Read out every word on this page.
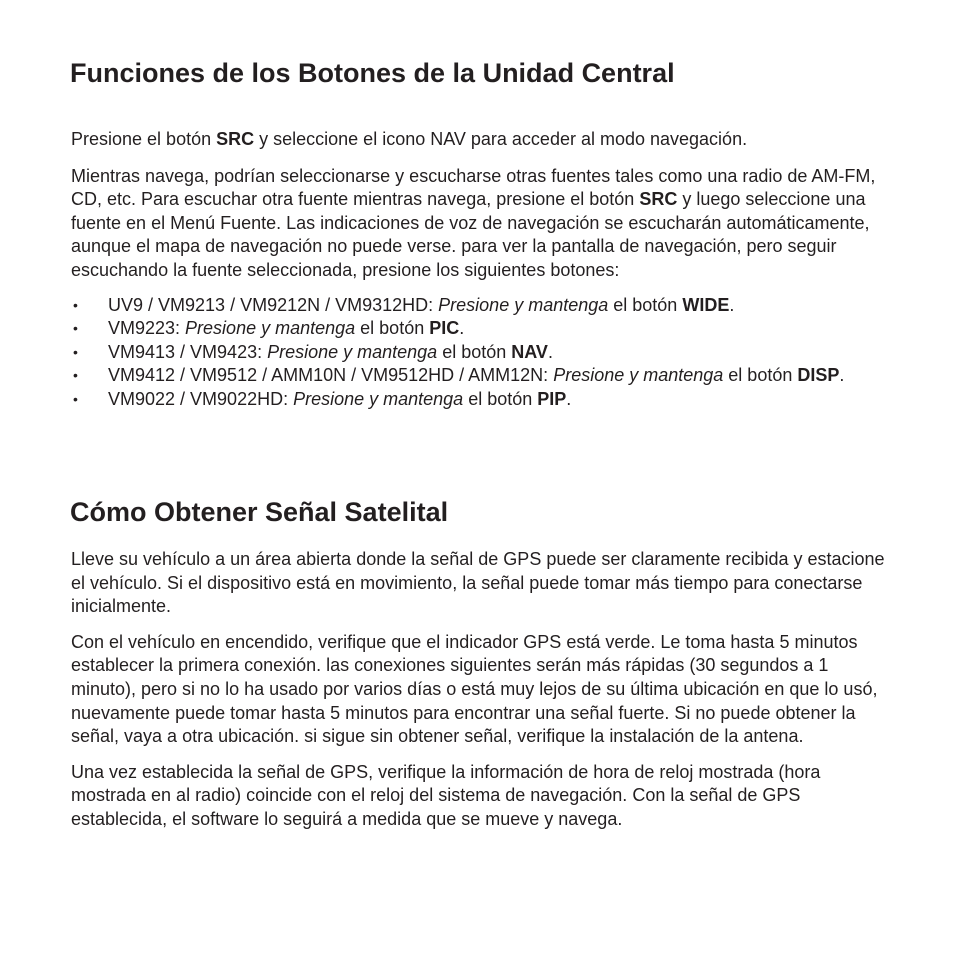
Funciones de los Botones de la Unidad Central

Presione el botón SRC y seleccione el icono NAV para acceder al modo navegación.

Mientras navega, podrían seleccionarse y escucharse otras fuentes tales como una radio de AM-FM, CD, etc. Para escuchar otra fuente mientras navega, presione el botón SRC y luego seleccione una fuente en el Menú Fuente. Las indicaciones de voz de navegación se escucharán automáticamente, aunque el mapa de navegación no puede verse. para ver la pantalla de navegación, pero seguir escuchando la fuente seleccionada, presione los siguientes botones:

• UV9 / VM9213 / VM9212N / VM9312HD: Presione y mantenga el botón WIDE.
• VM9223: Presione y mantenga el botón PIC.
• VM9413 / VM9423: Presione y mantenga el botón NAV.
• VM9412 / VM9512 / AMM10N / VM9512HD / AMM12N: Presione y mantenga el botón DISP.
• VM9022 / VM9022HD: Presione y mantenga el botón PIP.
Cómo Obtener Señal Satelital

Lleve su vehículo a un área abierta donde la señal de GPS puede ser claramente recibida y estacione el vehículo. Si el dispositivo está en movimiento, la señal puede tomar más tiempo para conectarse inicialmente.

Con el vehículo en encendido, verifique que el indicador GPS está verde. Le toma hasta 5 minutos establecer la primera conexión. las conexiones siguientes serán más rápidas (30 segundos a 1 minuto), pero si no lo ha usado por varios días o está muy lejos de su última ubicación en que lo usó, nuevamente puede tomar hasta 5 minutos para encontrar una señal fuerte. Si no puede obtener la señal, vaya a otra ubicación. si sigue sin obtener señal, verifique la instalación de la antena.

Una vez establecida la señal de GPS, verifique la información de hora de reloj mostrada (hora mostrada en al radio) coincide con el reloj del sistema de navegación. Con la señal de GPS establecida, el software lo seguirá a medida que se mueve y navega.
